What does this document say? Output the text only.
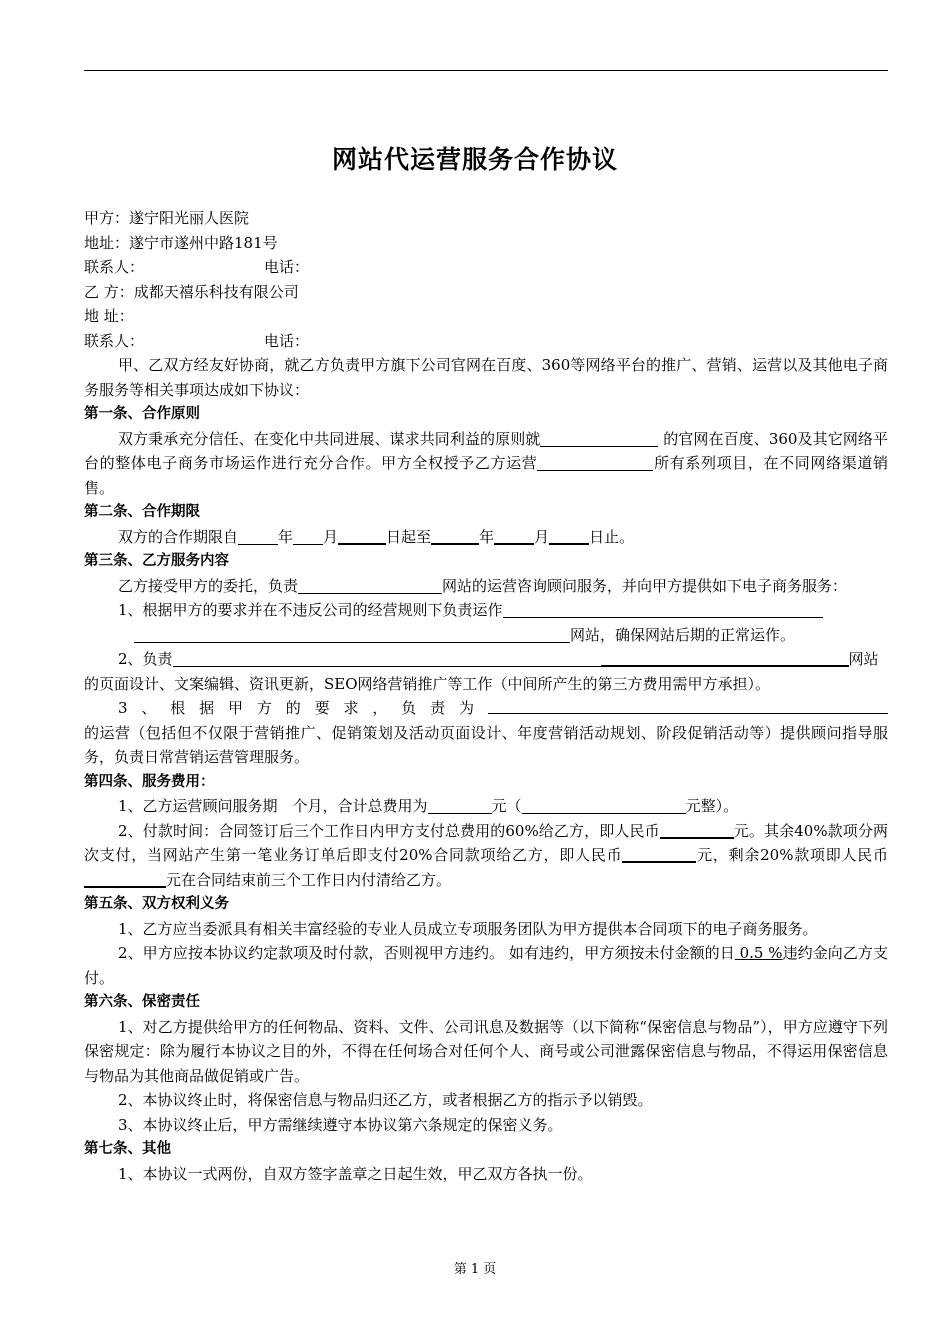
网站代运营服务合作协议
甲方：遂宁阳光丽人医院
地址：遂宁市遂州中路181号
联系人：	电话：
乙 方：成都天禧乐科技有限公司
地 址：
联系人：	电话：
甲、乙双方经友好协商，就乙方负责甲方旗下公司官网在百度、360等网络平台的推广、营销、运营以及其他电子商务服务等相关事项达成如下协议：
第一条、合作原则
双方秉承充分信任、在变化中共同进展、谋求共同利益的原则就	的官网在百度、360及其它网络平台的整体电子商务市场运作进行充分合作。甲方全权授予乙方运营	所有系列项目，在不同网络渠道销售。
第二条、合作期限
双方的合作期限自	年 月	日起至	年	月	日止。
第三条、乙方服务内容
乙方接受甲方的委托，负责	网站的运营咨询顾问服务，并向甲方提供如下电子商务服务：
1、根据甲方的要求并在不违反公司的经营规则下负责运作
网站，确保网站后期的正常运作。
2、负责	网站
的页面设计、文案编辑、资讯更新，SEO网络营销推广等工作（中间所产生的第三方费用需甲方承担）。
3 、 根 据 甲 方 的 要 求 ， 负 责 为
的运营（包括但不仅限于营销推广、促销策划及活动页面设计、年度营销活动规划、阶段促销活动等）提供顾问指导服务，负责日常营销运营管理服务。
第四条、服务费用：
1、乙方运营顾问服务期　个月，合计总费用为	元（	元整）。
2、付款时间：合同签订后三个工作日内甲方支付总费用的60%给乙方，即人民币	元。其余40%款项分两次支付，当网站产生第一笔业务订单后即支付20%合同款项给乙方，即人民币	元，剩余20%款项即人民币元在合同结束前三个工作日内付清给乙方。
第五条、双方权利义务
1、乙方应当委派具有相关丰富经验的专业人员成立专项服务团队为甲方提供本合同项下的电子商务服务。
2、甲方应按本协议约定款项及时付款，否则视甲方违约。 如有违约，甲方须按未付金额的日 0.5 %违约金向乙方支付。
第六条、保密责任
1、对乙方提供给甲方的任何物品、资料、文件、公司讯息及数据等（以下简称“保密信息与物品”），甲方应遵守下列保密规定：除为履行本协议之目的外，不得在任何场合对任何个人、商号或公司泄露保密信息与物品，不得运用保密信息与物品为其他商品做促销或广告。
2、本协议终止时，将保密信息与物品归还乙方，或者根据乙方的指示予以销毁。
3、本协议终止后，甲方需继续遵守本协议第六条规定的保密义务。
第七条、其他
1、本协议一式两份，自双方签字盖章之日起生效，甲乙双方各执一份。
第 1 页
